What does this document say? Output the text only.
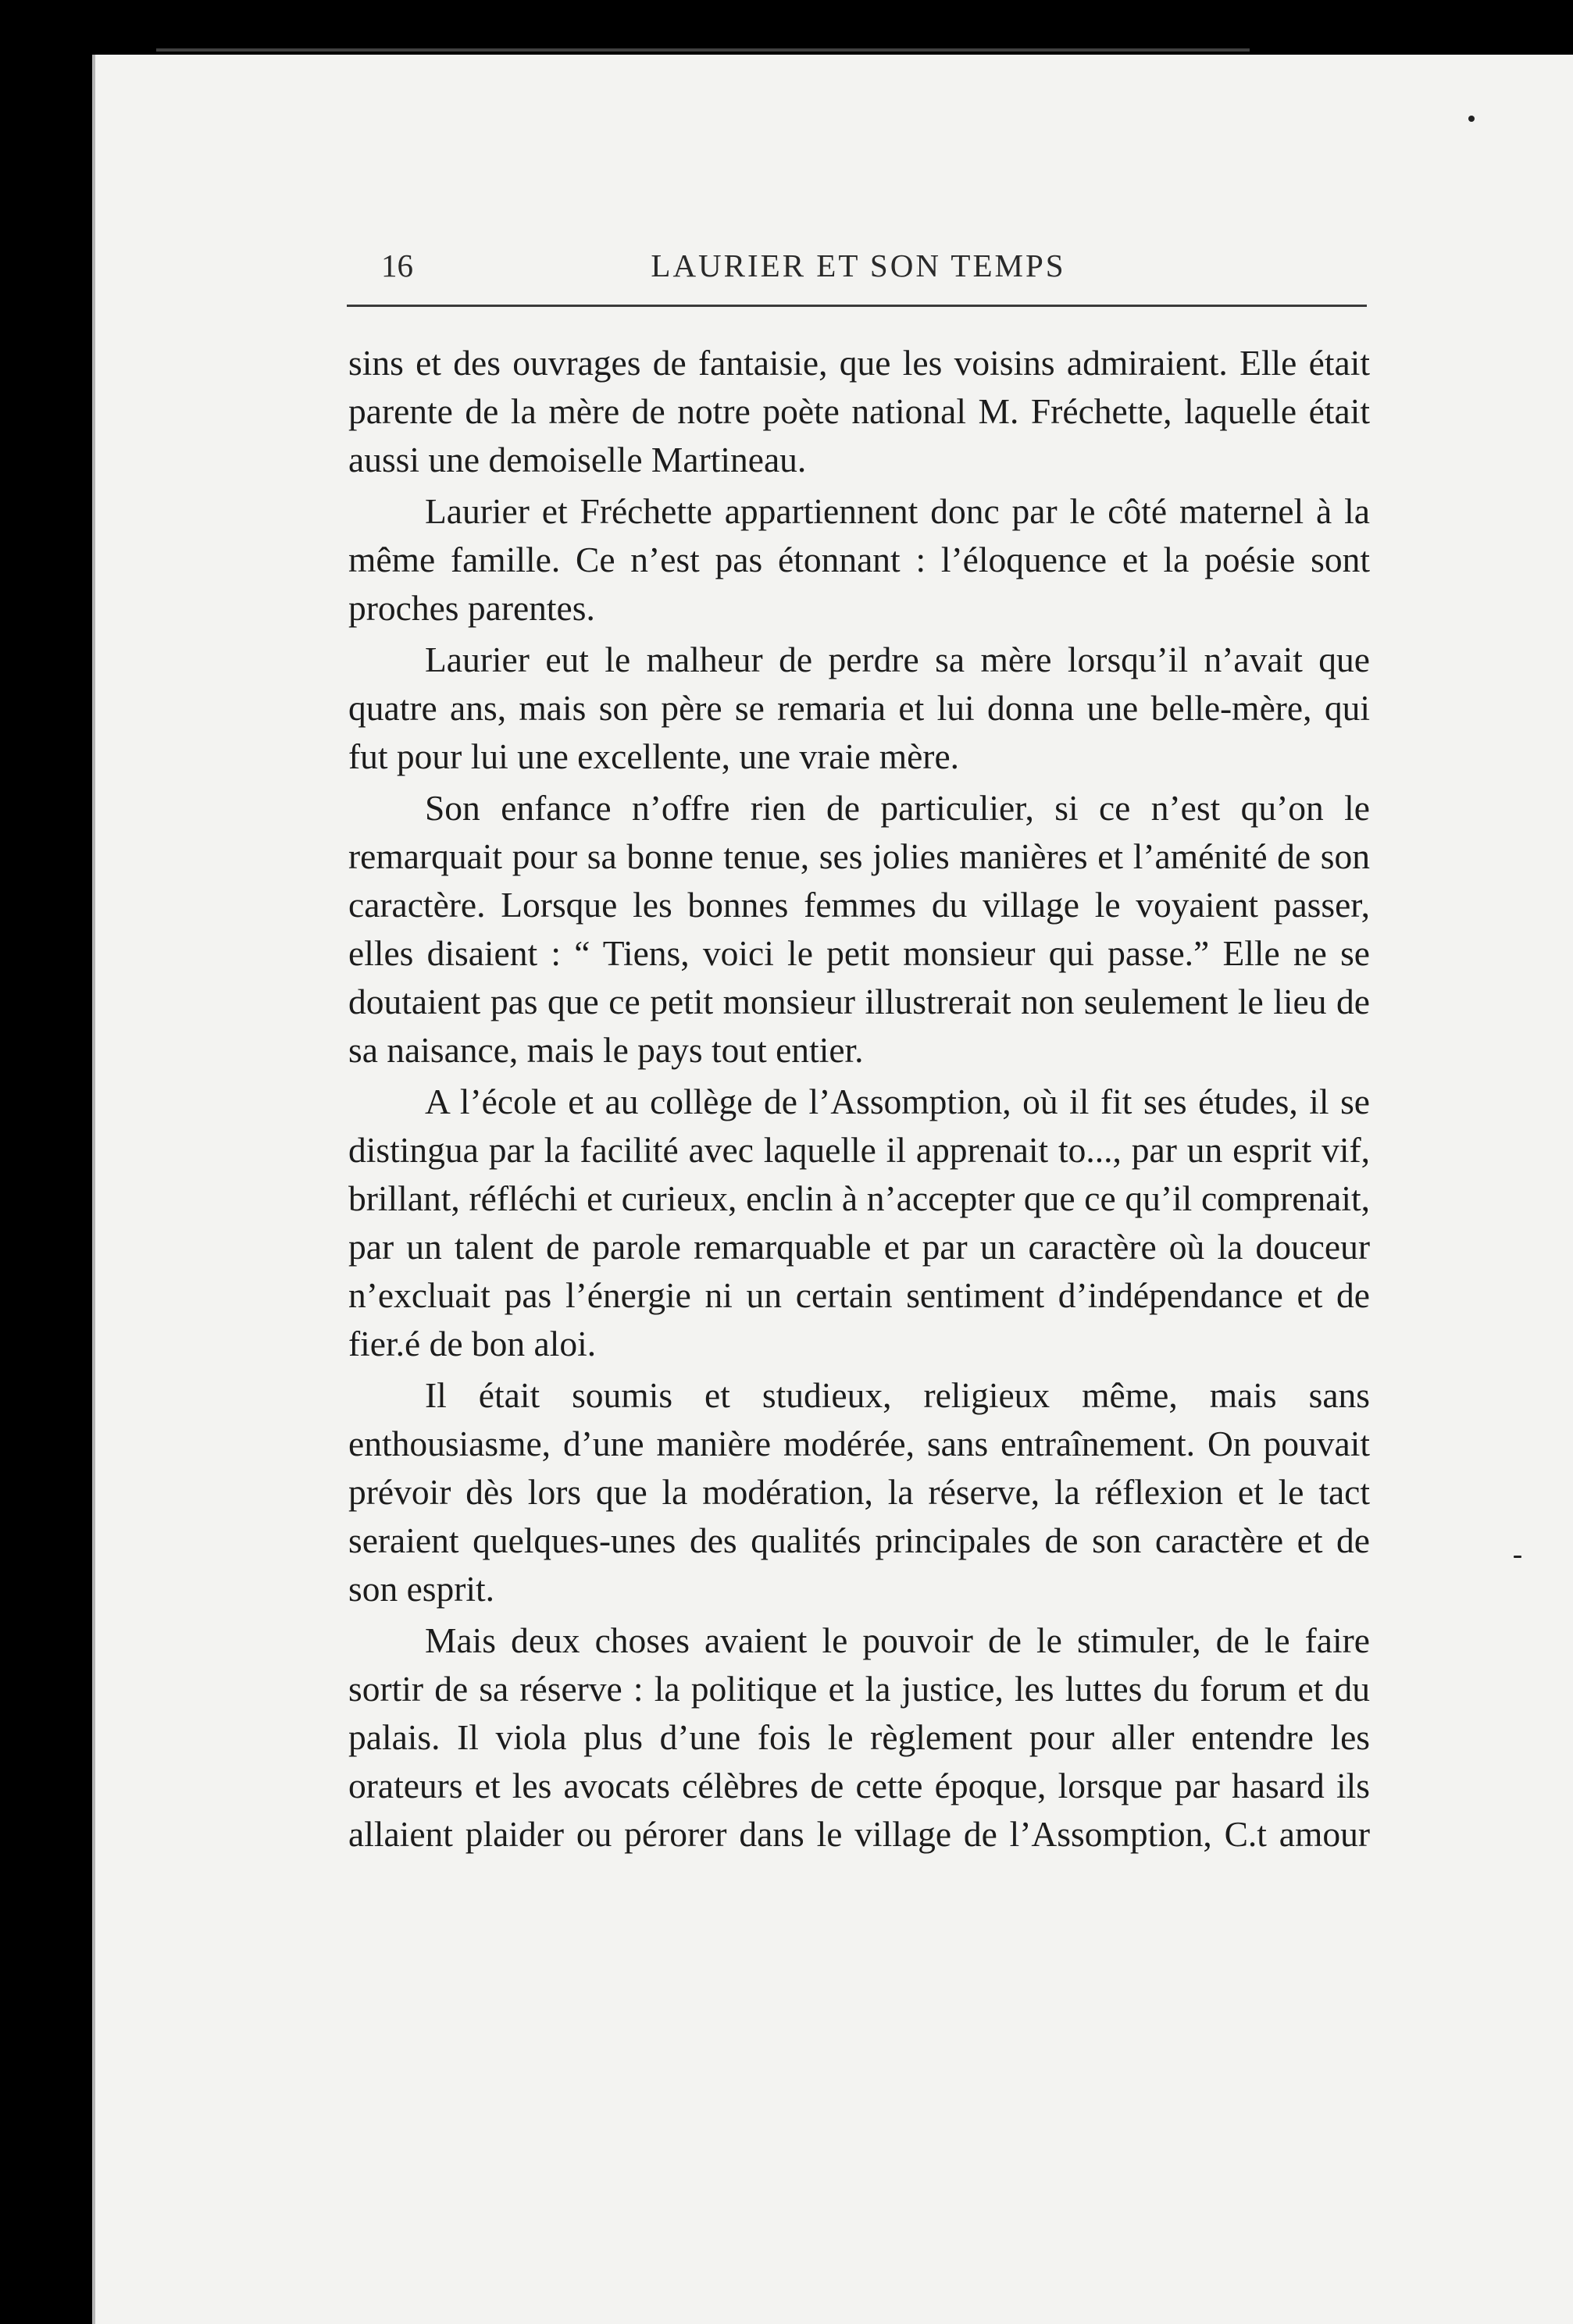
16	LAURIER ET SON TEMPS

sins et des ouvrages de fantaisie, que les voisins admiraient. Elle était parente de la mère de notre poète national M. Fréchette, laquelle était aussi une demoiselle Martineau.

Laurier et Fréchette appartiennent donc par le côté maternel à la même famille. Ce n’est pas étonnant : l’éloquence et la poésie sont proches parentes.

Laurier eut le malheur de perdre sa mère lorsqu’il n’avait que quatre ans, mais son père se remaria et lui donna une belle-mère, qui fut pour lui une excellente, une vraie mère.

Son enfance n’offre rien de particulier, si ce n’est qu’on le remarquait pour sa bonne tenue, ses jolies manières et l’aménité de son caractère. Lorsque les bonnes femmes du village le voyaient passer, elles disaient : “ Tiens, voici le petit monsieur qui passe.” Elle ne se doutaient pas que ce petit monsieur illustrerait non seulement le lieu de sa naisance, mais le pays tout entier.

A l’école et au collège de l’Assomption, où il fit ses études, il se distingua par la facilité avec laquelle il apprenait to..., par un esprit vif, brillant, réfléchi et curieux, enclin à n’accepter que ce qu’il comprenait, par un talent de parole remarquable et par un caractère où la douceur n’excluait pas l’énergie ni un certain sentiment d’indépendance et de fier.é de bon aloi.

Il était soumis et studieux, religieux même, mais sans enthousiasme, d’une manière modérée, sans entraînement. On pouvait prévoir dès lors que la modération, la réserve, la réflexion et le tact seraient quelques-unes des qualités principales de son caractère et de son esprit.

Mais deux choses avaient le pouvoir de le stimuler, de le faire sortir de sa réserve : la politique et la justice, les luttes du forum et du palais. Il viola plus d’une fois le règlement pour aller entendre les orateurs et les avocats célèbres de cette époque, lorsque par hasard ils allaient plaider ou pérorer dans le village de l’Assomption, C.t amour
